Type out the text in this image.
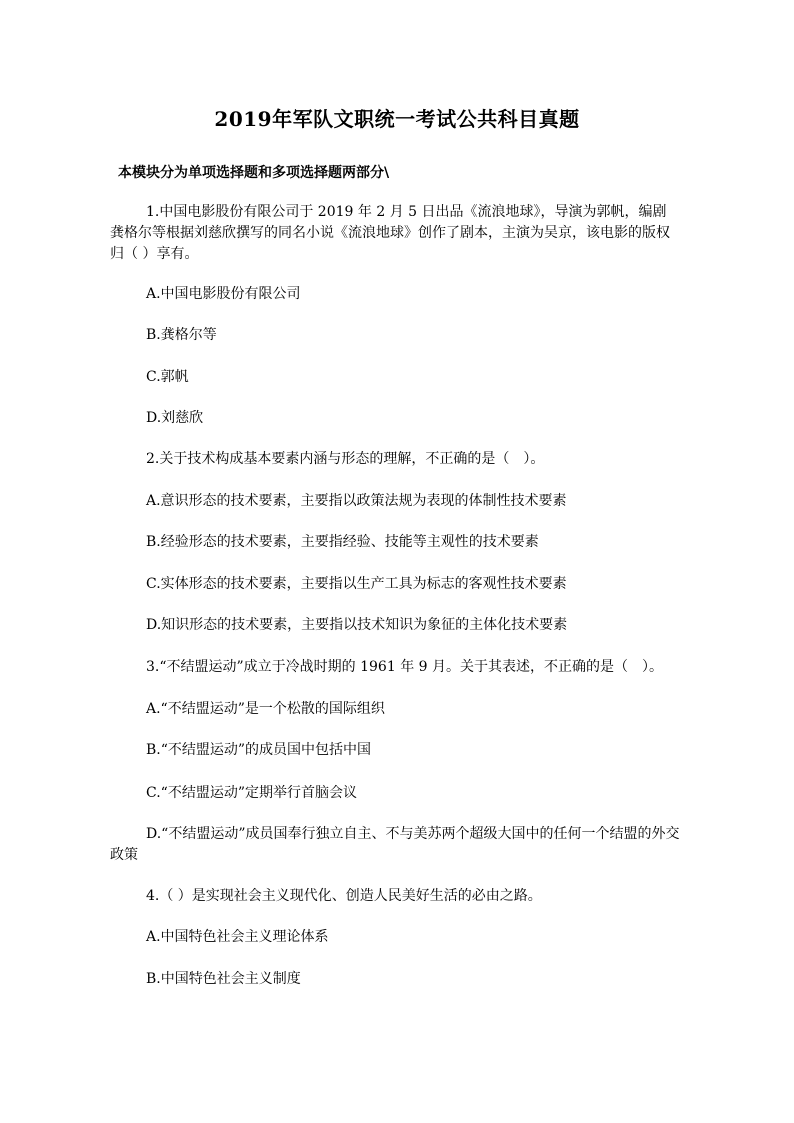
2019年军队文职统一考试公共科目真题
本模块分为单项选择题和多项选择题两部分\
1.中国电影股份有限公司于 2019 年 2 月 5 日出品《流浪地球》，导演为郭帆，编剧龚格尔等根据刘慈欣撰写的同名小说《流浪地球》创作了剧本，主演为吴京，该电影的版权归（ ）享有。
A.中国电影股份有限公司
B.龚格尔等
C.郭帆
D.刘慈欣
2.关于技术构成基本要素内涵与形态的理解，不正确的是（　）。
A.意识形态的技术要素，主要指以政策法规为表现的体制性技术要素
B.经验形态的技术要素，主要指经验、技能等主观性的技术要素
C.实体形态的技术要素，主要指以生产工具为标志的客观性技术要素
D.知识形态的技术要素，主要指以技术知识为象征的主体化技术要素
3.“不结盟运动”成立于冷战时期的 1961 年 9 月。关于其表述，不正确的是（　）。
A.“不结盟运动”是一个松散的国际组织
B.“不结盟运动”的成员国中包括中国
C.“不结盟运动”定期举行首脑会议
D.“不结盟运动”成员国奉行独立自主、不与美苏两个超级大国中的任何一个结盟的外交政策
4.（ ）是实现社会主义现代化、创造人民美好生活的必由之路。
A.中国特色社会主义理论体系
B.中国特色社会主义制度
